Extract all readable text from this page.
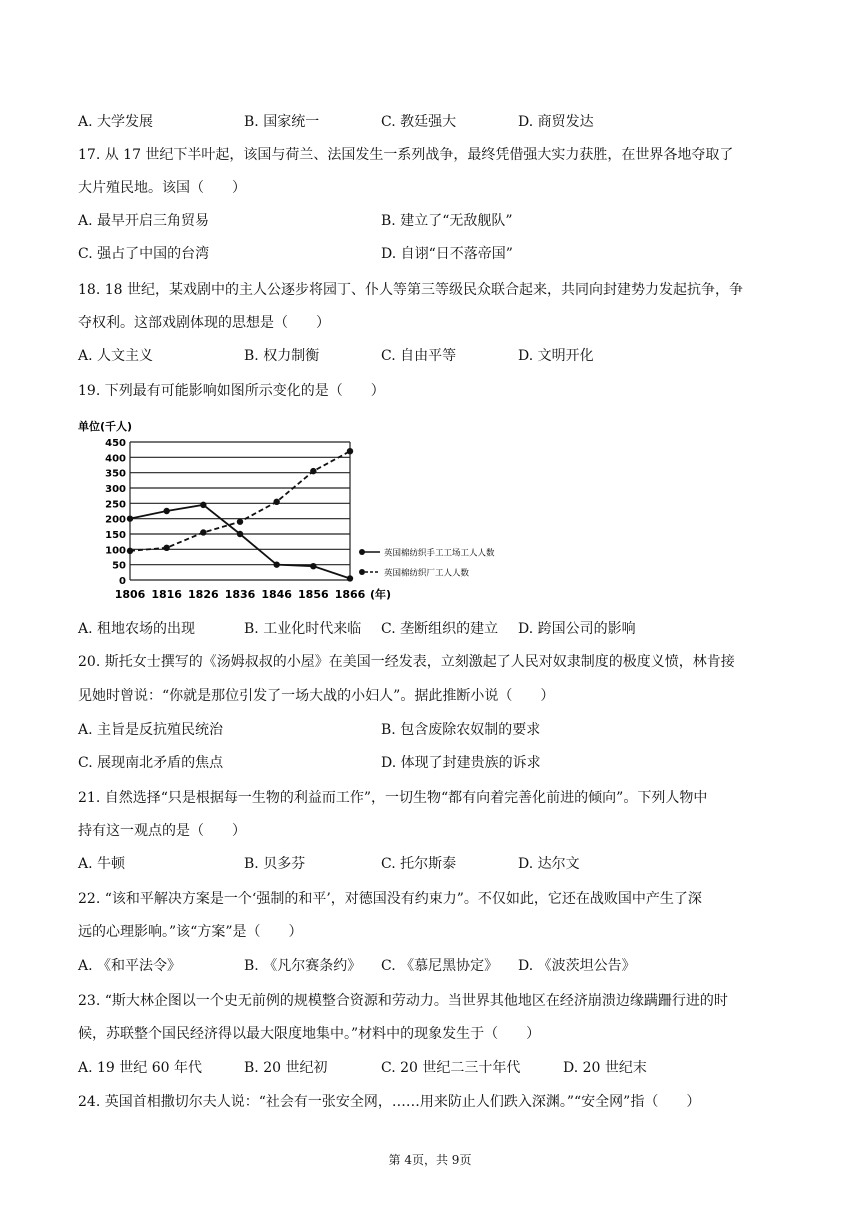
A. 大学发展	B. 国家统一	C. 教廷强大	D. 商贸发达
17. 从 17 世纪下半叶起，该国与荷兰、法国发生一系列战争，最终凭借强大实力获胜，在世界各地夺取了
大片殖民地。该国（　　）
A. 最早开启三角贸易	B. 建立了“无敌舰队”
C. 强占了中国的台湾	D. 自诩“日不落帝国”
18. 18 世纪，某戏剧中的主人公逐步将园丁、仆人等第三等级民众联合起来，共同向封建势力发起抗争，争
夺权利。这部戏剧体现的思想是（　　）
A. 人文主义	B. 权力制衡	C. 自由平等	D. 文明开化
19. 下列最有可能影响如图所示变化的是（　　）
单位(千人)
0
50
100
150
200
250
300
350
400
450
1806 1816 1826 1836 1846 1856 1866 (年)
英国棉纺织手工工场工人人数
英国棉纺织厂工人人数
A. 租地农场的出现	B. 工业化时代来临 C. 垄断组织的建立 D. 跨国公司的影响
20. 斯托女士撰写的《汤姆叔叔的小屋》在美国一经发表，立刻激起了人民对奴隶制度的极度义愤，林肯接
见她时曾说：“你就是那位引发了一场大战的小妇人”。据此推断小说（　　）
A. 主旨是反抗殖民统治	B. 包含废除农奴制的要求
C. 展现南北矛盾的焦点	D. 体现了封建贵族的诉求
21. 自然选择“只是根据每一生物的利益而工作”，一切生物“都有向着完善化前进的倾向”。下列人物中
持有这一观点的是（　　）
A. 牛顿	B. 贝多芬	C. 托尔斯泰	D. 达尔文
22. “该和平解决方案是一个‘强制的和平’，对德国没有约束力”。不仅如此，它还在战败国中产生了深
远的心理影响。”该“方案”是（　　）
A. 《和平法令》	B. 《凡尔赛条约》 C. 《慕尼黑协定》 D. 《波茨坦公告》
23. “斯大林企图以一个史无前例的规模整合资源和劳动力。当世界其他地区在经济崩溃边缘蹒跚行进的时
候，苏联整个国民经济得以最大限度地集中。”材料中的现象发生于（　　）
A. 19 世纪 60 年代	B. 20 世纪初	C. 20 世纪二三十年代	D. 20 世纪末
24. 英国首相撒切尔夫人说：“社会有一张安全网，……用来防止人们跌入深渊。”“安全网”指（　　）
第 4页，共 9页
